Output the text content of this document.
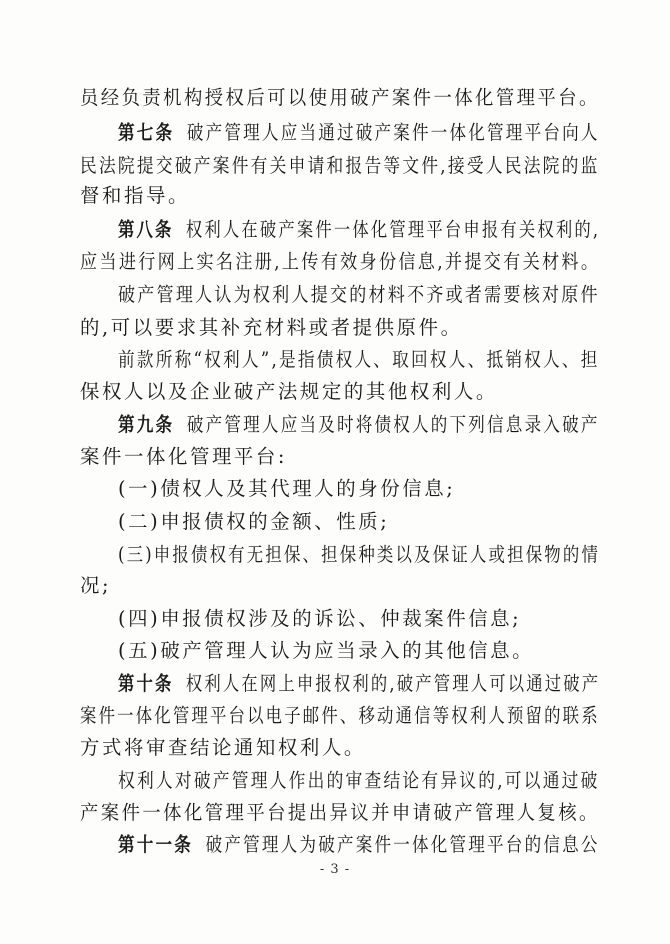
员经负责机构授权后可以使用破产案件一体化管理平台。
第七条 破产管理人应当通过破产案件一体化管理平台向人
民法院提交破产案件有关申请和报告等文件,接受人民法院的监
督和指导。
第八条 权利人在破产案件一体化管理平台申报有关权利的,
应当进行网上实名注册,上传有效身份信息,并提交有关材料。
破产管理人认为权利人提交的材料不齐或者需要核对原件
的,可以要求其补充材料或者提供原件。
前款所称“权利人”,是指债权人、取回权人、抵销权人、担
保权人以及企业破产法规定的其他权利人。
第九条 破产管理人应当及时将债权人的下列信息录入破产
案件一体化管理平台:
(一)债权人及其代理人的身份信息;
(二)申报债权的金额、性质;
(三)申报债权有无担保、担保种类以及保证人或担保物的情
况;
(四)申报债权涉及的诉讼、仲裁案件信息;
(五)破产管理人认为应当录入的其他信息。
第十条 权利人在网上申报权利的,破产管理人可以通过破产
案件一体化管理平台以电子邮件、移动通信等权利人预留的联系
方式将审查结论通知权利人。
权利人对破产管理人作出的审查结论有异议的,可以通过破
产案件一体化管理平台提出异议并申请破产管理人复核。
第十一条 破产管理人为破产案件一体化管理平台的信息公
- 3 -
